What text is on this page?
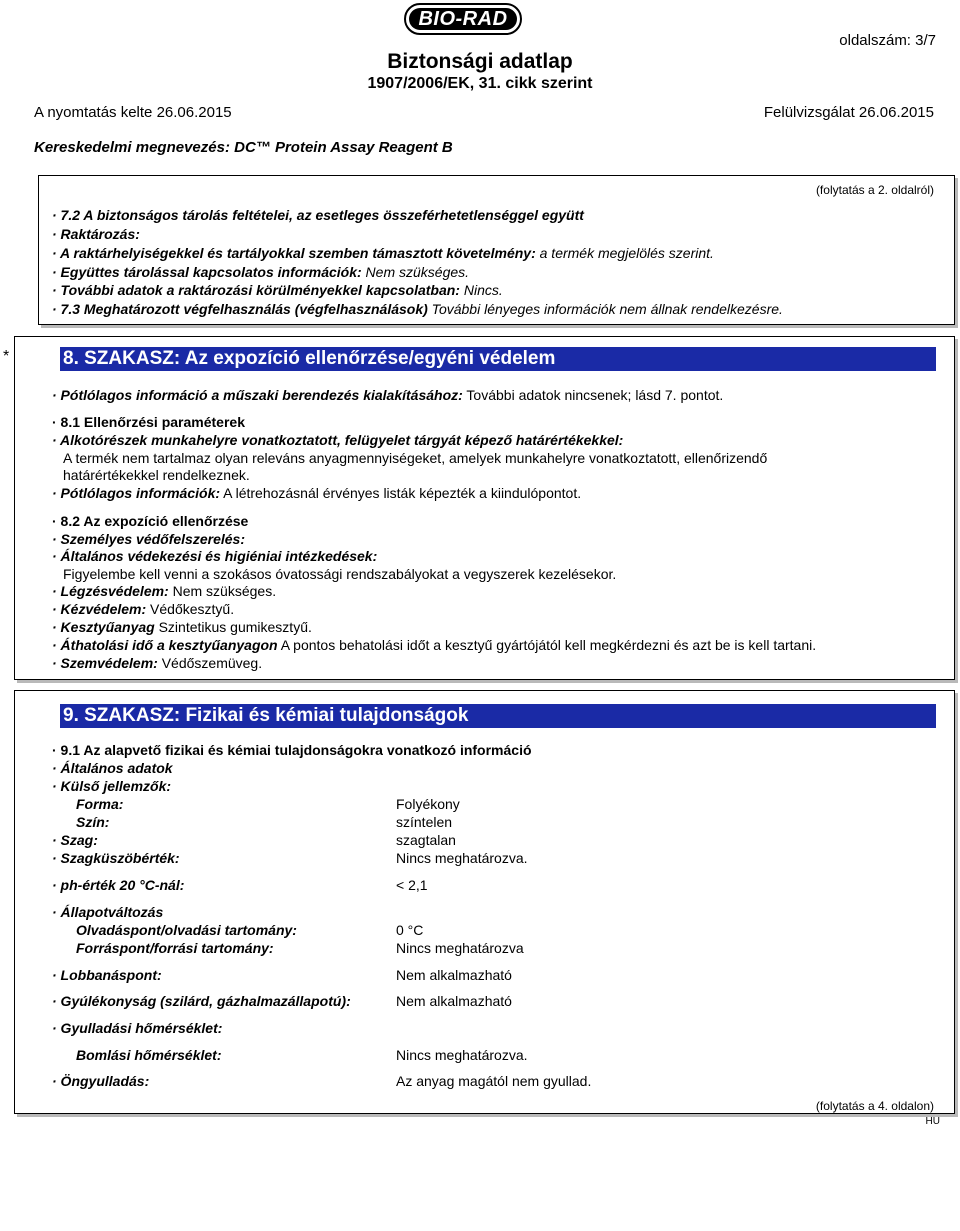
BIO-RAD
oldalszám: 3/7
Biztonsági adatlap
1907/2006/EK, 31. cikk szerint
A nyomtatás kelte 26.06.2015	Felülvizsgálat 26.06.2015
Kereskedelmi megnevezés: DC™ Protein Assay Reagent B
(folytatás a 2. oldalról)
· 7.2 A biztonságos tárolás feltételei, az esetleges összeférhetetlenséggel együtt
· Raktározás:
· A raktárhelyiségekkel és tartályokkal szemben támasztott követelmény: a termék megjelölés szerint.
· Együttes tárolással kapcsolatos információk: Nem szükséges.
· További adatok a raktározási körülményekkel kapcsolatban: Nincs.
· 7.3 Meghatározott végfelhasználás (végfelhasználások) További lényeges információk nem állnak rendelkezésre.
*	8. SZAKASZ: Az expozíció ellenőrzése/egyéni védelem
· Pótlólagos információ a műszaki berendezés kialakításához: További adatok nincsenek; lásd 7. pontot.
· 8.1 Ellenőrzési paraméterek
· Alkotórészek munkahelyre vonatkoztatott, felügyelet tárgyát képező határértékekkel:
A termék nem tartalmaz olyan releváns anyagmennyiségeket, amelyek munkahelyre vonatkoztatott, ellenőrizendő
határértékekkel rendelkeznek.
· Pótlólagos információk: A létrehozásnál érvényes listák képezték a kiindulópontot.
· 8.2 Az expozíció ellenőrzése
· Személyes védőfelszerelés:
· Általános védekezési és higiéniai intézkedések:
Figyelembe kell venni a szokásos óvatossági rendszabályokat a vegyszerek kezelésekor.
· Légzésvédelem: Nem szükséges.
· Kézvédelem: Védőkesztyű.
· Kesztyűanyag Szintetikus gumikesztyű.
· Áthatolási idő a kesztyűanyagon A pontos behatolási időt a kesztyű gyártójától kell megkérdezni és azt be is kell tartani.
· Szemvédelem: Védőszemüveg.
9. SZAKASZ: Fizikai és kémiai tulajdonságok
· 9.1 Az alapvető fizikai és kémiai tulajdonságokra vonatkozó információ
· Általános adatok
· Külső jellemzők:
Forma:	Folyékony
Szín:	színtelen
· Szag:	szagtalan
· Szagküszöbérték:	Nincs meghatározva.
· ph-érték 20 °C-nál:	< 2,1
· Állapotváltozás
Olvadáspont/olvadási tartomány:	0 °C
Forráspont/forrási tartomány:	Nincs meghatározva
· Lobbanáspont:	Nem alkalmazható
· Gyúlékonyság (szilárd, gázhalmazállapotú):	Nem alkalmazható
· Gyulladási hőmérséklet:
Bomlási hőmérséklet:	Nincs meghatározva.
· Öngyulladás:	Az anyag magától nem gyullad.
(folytatás a 4. oldalon)
HU
